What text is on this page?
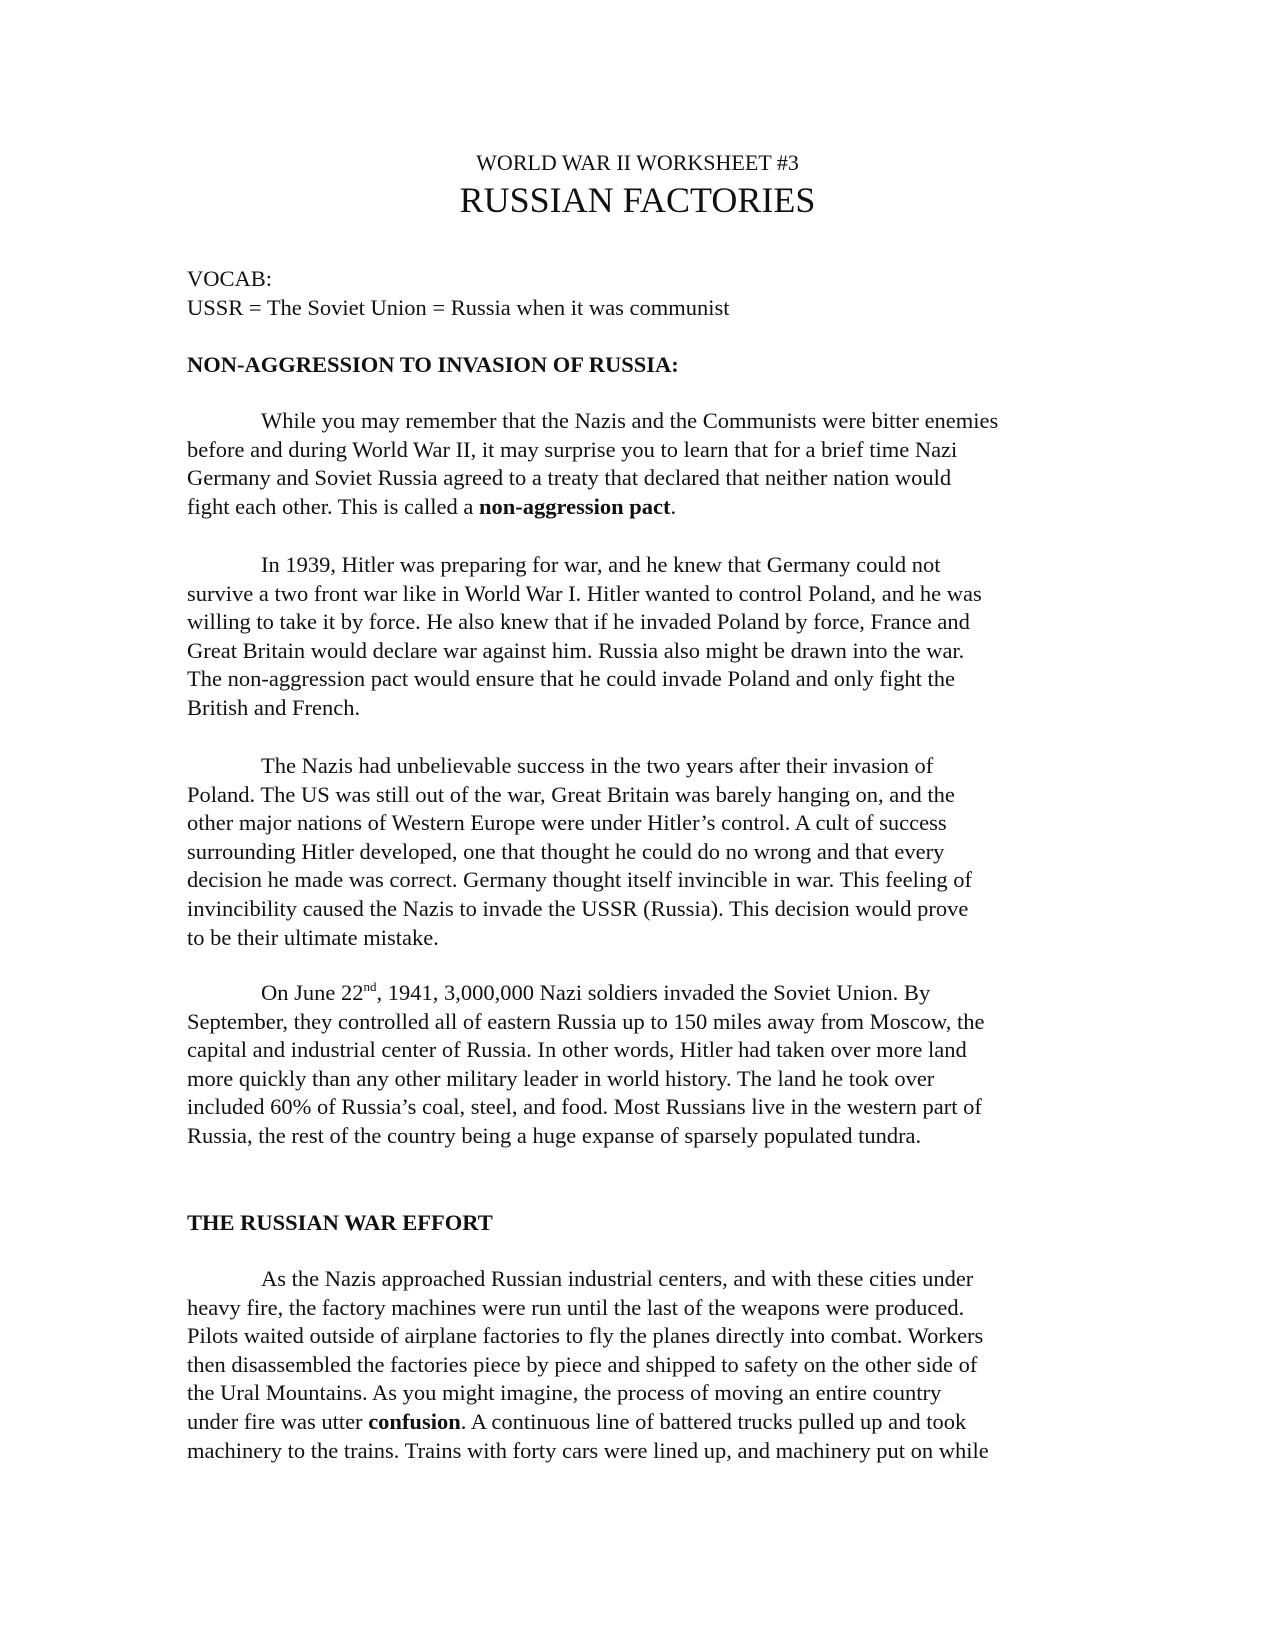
WORLD WAR II WORKSHEET #3
RUSSIAN FACTORIES
VOCAB:
USSR = The Soviet Union = Russia when it was communist
NON-AGGRESSION TO INVASION OF RUSSIA:
While you may remember that the Nazis and the Communists were bitter enemies
before and during World War II, it may surprise you to learn that for a brief time Nazi
Germany and Soviet Russia agreed to a treaty that declared that neither nation would
fight each other. This is called a non-aggression pact.
In 1939, Hitler was preparing for war, and he knew that Germany could not
survive a two front war like in World War I. Hitler wanted to control Poland, and he was
willing to take it by force. He also knew that if he invaded Poland by force, France and
Great Britain would declare war against him. Russia also might be drawn into the war.
The non-aggression pact would ensure that he could invade Poland and only fight the
British and French.
The Nazis had unbelievable success in the two years after their invasion of
Poland. The US was still out of the war, Great Britain was barely hanging on, and the
other major nations of Western Europe were under Hitler’s control. A cult of success
surrounding Hitler developed, one that thought he could do no wrong and that every
decision he made was correct. Germany thought itself invincible in war. This feeling of
invincibility caused the Nazis to invade the USSR (Russia). This decision would prove
to be their ultimate mistake.
On June 22nd, 1941, 3,000,000 Nazi soldiers invaded the Soviet Union. By
September, they controlled all of eastern Russia up to 150 miles away from Moscow, the
capital and industrial center of Russia. In other words, Hitler had taken over more land
more quickly than any other military leader in world history. The land he took over
included 60% of Russia’s coal, steel, and food. Most Russians live in the western part of
Russia, the rest of the country being a huge expanse of sparsely populated tundra.
THE RUSSIAN WAR EFFORT
As the Nazis approached Russian industrial centers, and with these cities under
heavy fire, the factory machines were run until the last of the weapons were produced.
Pilots waited outside of airplane factories to fly the planes directly into combat. Workers
then disassembled the factories piece by piece and shipped to safety on the other side of
the Ural Mountains. As you might imagine, the process of moving an entire country
under fire was utter confusion. A continuous line of battered trucks pulled up and took
machinery to the trains. Trains with forty cars were lined up, and machinery put on while
